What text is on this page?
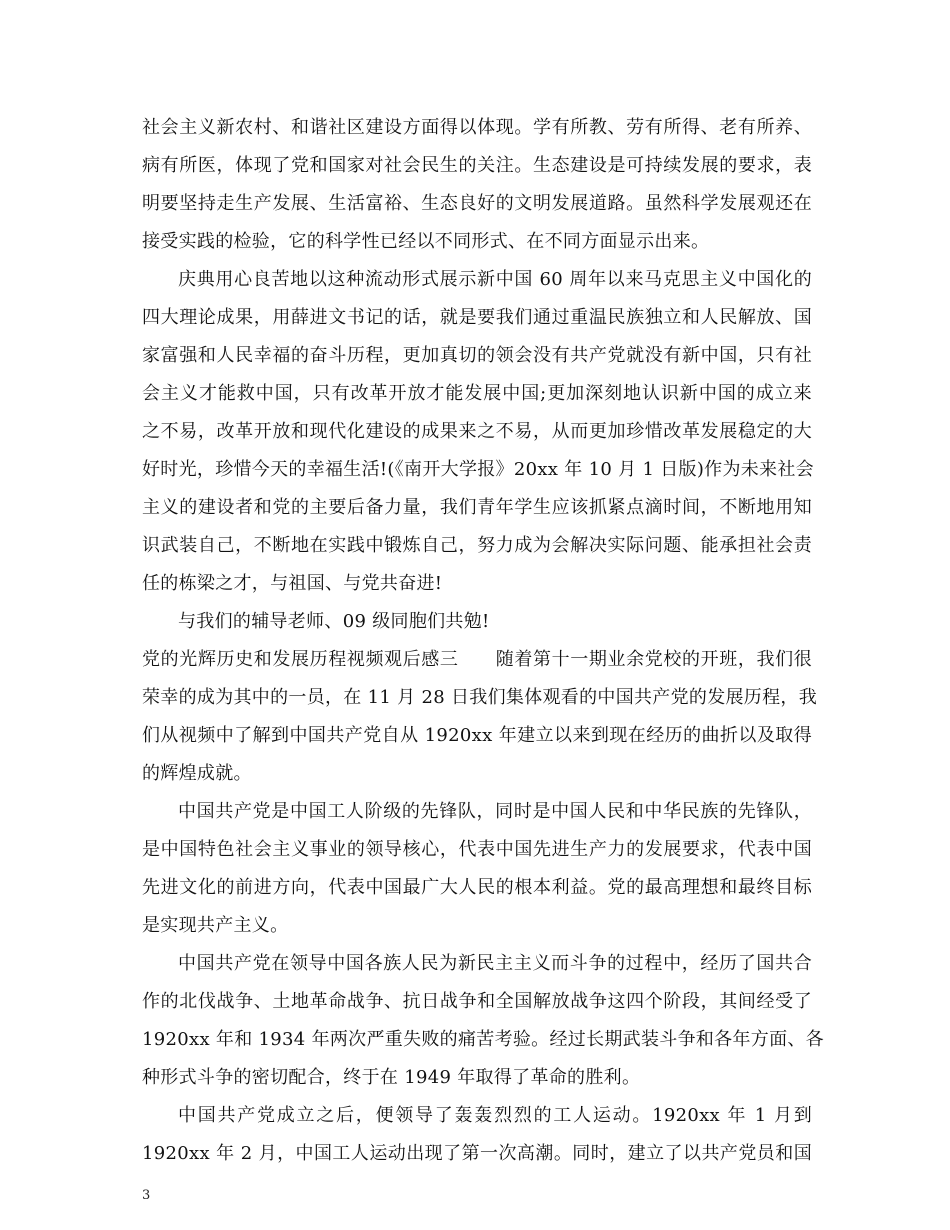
社会主义新农村、和谐社区建设方面得以体现。学有所教、劳有所得、老有所养、
病有所医，体现了党和国家对社会民生的关注。生态建设是可持续发展的要求，表
明要坚持走生产发展、生活富裕、生态良好的文明发展道路。虽然科学发展观还在
接受实践的检验，它的科学性已经以不同形式、在不同方面显示出来。
庆典用心良苦地以这种流动形式展示新中国 60 周年以来马克思主义中国化的
四大理论成果，用薛进文书记的话，就是要我们通过重温民族独立和人民解放、国
家富强和人民幸福的奋斗历程，更加真切的领会没有共产党就没有新中国，只有社
会主义才能救中国，只有改革开放才能发展中国;更加深刻地认识新中国的成立来
之不易，改革开放和现代化建设的成果来之不易，从而更加珍惜改革发展稳定的大
好时光，珍惜今天的幸福生活!(《南开大学报》20xx 年 10 月 1 日版)作为未来社会
主义的建设者和党的主要后备力量，我们青年学生应该抓紧点滴时间，不断地用知
识武装自己，不断地在实践中锻炼自己，努力成为会解决实际问题、能承担社会责
任的栋梁之才，与祖国、与党共奋进!
与我们的辅导老师、09 级同胞们共勉!
党的光辉历史和发展历程视频观后感三　　随着第十一期业余党校的开班，我们很
荣幸的成为其中的一员，在 11 月 28 日我们集体观看的中国共产党的发展历程，我
们从视频中了解到中国共产党自从 1920xx 年建立以来到现在经历的曲折以及取得
的辉煌成就。
中国共产党是中国工人阶级的先锋队，同时是中国人民和中华民族的先锋队，
是中国特色社会主义事业的领导核心，代表中国先进生产力的发展要求，代表中国
先进文化的前进方向，代表中国最广大人民的根本利益。党的最高理想和最终目标
是实现共产主义。
中国共产党在领导中国各族人民为新民主主义而斗争的过程中，经历了国共合
作的北伐战争、土地革命战争、抗日战争和全国解放战争这四个阶段，其间经受了
1920xx 年和 1934 年两次严重失败的痛苦考验。经过长期武装斗争和各年方面、各
种形式斗争的密切配合，终于在 1949 年取得了革命的胜利。
中国共产党成立之后，便领导了轰轰烈烈的工人运动。1920xx 年 1 月到
1920xx 年 2 月，中国工人运动出现了第一次高潮。同时，建立了以共产党员和国
3
